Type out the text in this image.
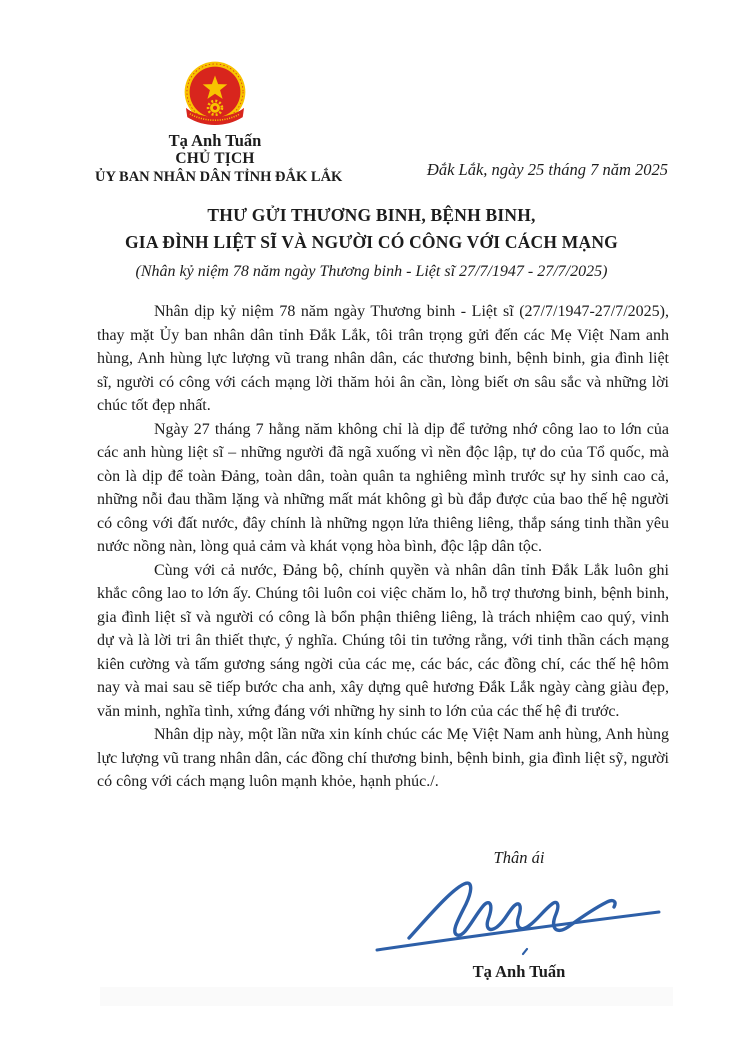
Tạ Anh Tuấn
CHỦ TỊCH
ỦY BAN NHÂN DÂN TỈNH ĐẮK LẮK	Đắk Lắk, ngày 25 tháng 7 năm 2025
THƯ GỬI THƯƠNG BINH, BỆNH BINH,
GIA ĐÌNH LIỆT SĨ VÀ NGƯỜI CÓ CÔNG VỚI CÁCH MẠNG
(Nhân kỷ niệm 78 năm ngày Thương binh - Liệt sĩ 27/7/1947 - 27/7/2025)

Nhân dịp kỷ niệm 78 năm ngày Thương binh - Liệt sĩ (27/7/1947-27/7/2025), thay mặt Ủy ban nhân dân tỉnh Đắk Lắk, tôi trân trọng gửi đến các Mẹ Việt Nam anh hùng, Anh hùng lực lượng vũ trang nhân dân, các thương binh, bệnh binh, gia đình liệt sĩ, người có công với cách mạng lời thăm hỏi ân cần, lòng biết ơn sâu sắc và những lời chúc tốt đẹp nhất.

Ngày 27 tháng 7 hằng năm không chỉ là dịp để tưởng nhớ công lao to lớn của các anh hùng liệt sĩ – những người đã ngã xuống vì nền độc lập, tự do của Tổ quốc, mà còn là dịp để toàn Đảng, toàn dân, toàn quân ta nghiêng mình trước sự hy sinh cao cả, những nỗi đau thầm lặng và những mất mát không gì bù đắp được của bao thế hệ người có công với đất nước, đây chính là những ngọn lửa thiêng liêng, thắp sáng tinh thần yêu nước nồng nàn, lòng quả cảm và khát vọng hòa bình, độc lập dân tộc.

Cùng với cả nước, Đảng bộ, chính quyền và nhân dân tỉnh Đắk Lắk luôn ghi khắc công lao to lớn ấy. Chúng tôi luôn coi việc chăm lo, hỗ trợ thương binh, bệnh binh, gia đình liệt sĩ và người có công là bổn phận thiêng liêng, là trách nhiệm cao quý, vinh dự và là lời tri ân thiết thực, ý nghĩa. Chúng tôi tin tưởng rằng, với tinh thần cách mạng kiên cường và tấm gương sáng ngời của các mẹ, các bác, các đồng chí, các thế hệ hôm nay và mai sau sẽ tiếp bước cha anh, xây dựng quê hương Đắk Lắk ngày càng giàu đẹp, văn minh, nghĩa tình, xứng đáng với những hy sinh to lớn của các thế hệ đi trước.

Nhân dịp này, một lần nữa xin kính chúc các Mẹ Việt Nam anh hùng, Anh hùng lực lượng vũ trang nhân dân, các đồng chí thương binh, bệnh binh, gia đình liệt sỹ, người có công với cách mạng luôn mạnh khỏe, hạnh phúc./.

Thân ái
Tạ Anh Tuấn
